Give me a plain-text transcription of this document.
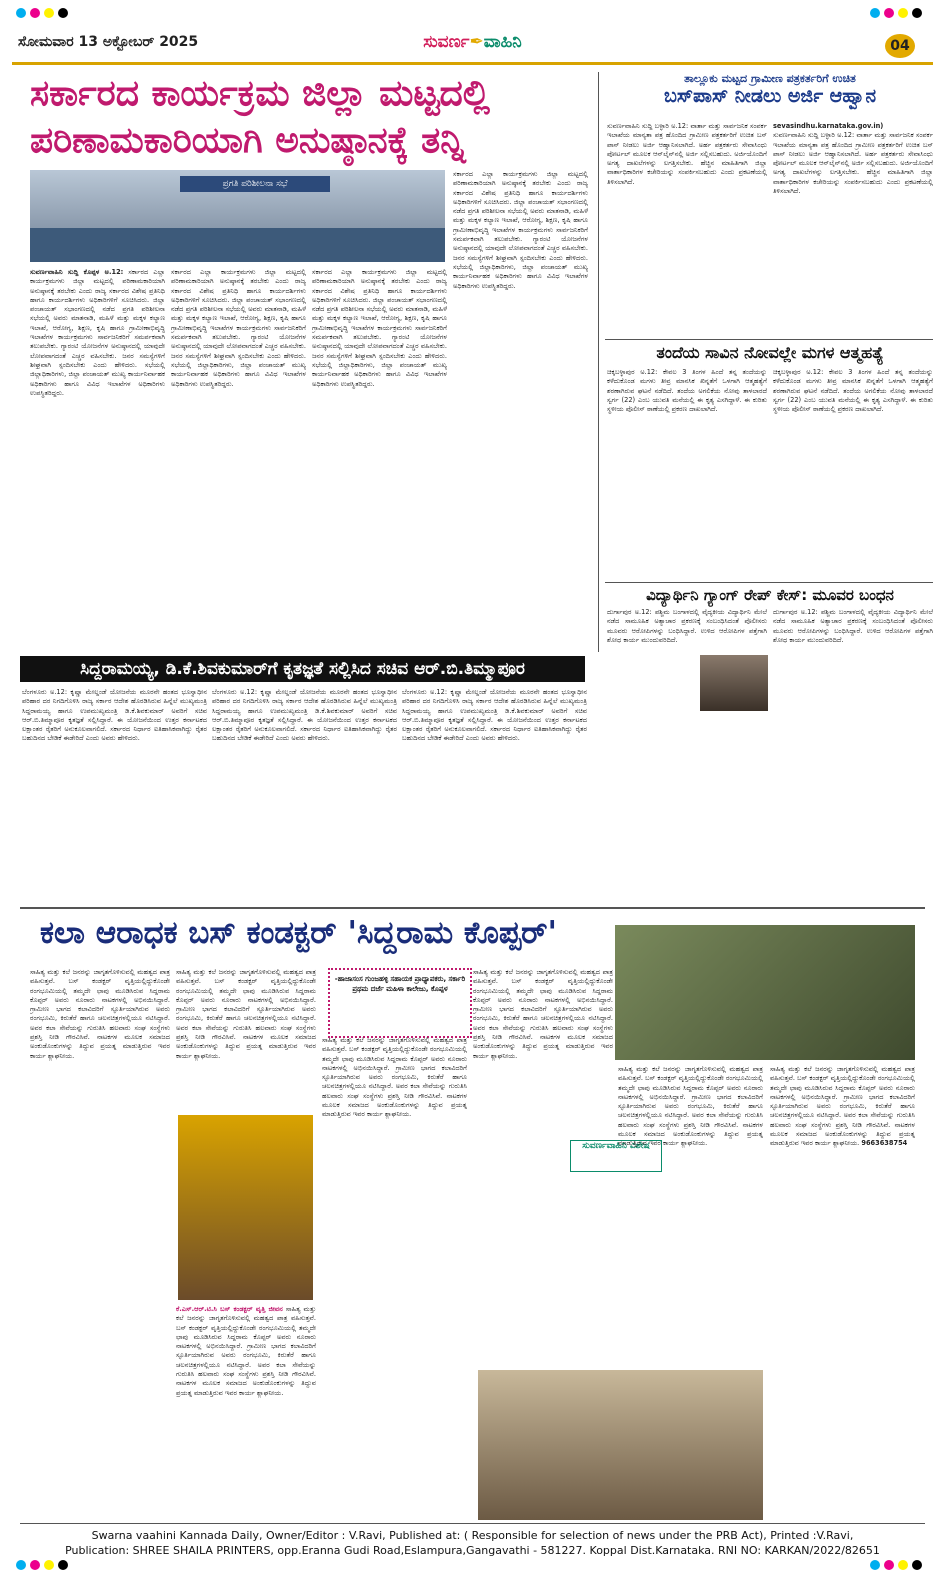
ಸೋಮವಾರ 13 ಅಕ್ಟೋಬರ್ 2025	ಸುವರ್ಣ✒ವಾಹಿನಿ	04
ಸರ್ಕಾರದ ಕಾರ್ಯಕ್ರಮ ಜಿಲ್ಲಾ ಮಟ್ಟದಲ್ಲಿ
ಪರಿಣಾಮಕಾರಿಯಾಗಿ ಅನುಷ್ಠಾನಕ್ಕೆ ತನ್ನಿ
ಪ್ರಗತಿ ಪರಿಶೀಲನಾ ಸಭೆ
ಸುವರ್ಣವಾಹಿನಿ ಸುದ್ದಿ ಕೊಪ್ಪಳ ಅ.12: ಸರ್ಕಾರದ ಎಲ್ಲಾ ಕಾರ್ಯಕ್ರಮಗಳು ಜಿಲ್ಲಾ ಮಟ್ಟದಲ್ಲಿ ಪರಿಣಾಮಕಾರಿಯಾಗಿ ಅನುಷ್ಠಾನಕ್ಕೆ ತರಬೇಕು ಎಂದು ರಾಜ್ಯ ಸರ್ಕಾರದ ವಿಶೇಷ ಪ್ರತಿನಿಧಿ ಹಾಗೂ ಕಾರ್ಯದರ್ಶಿಗಳು ಅಧಿಕಾರಿಗಳಿಗೆ ಸೂಚಿಸಿದರು. ಜಿಲ್ಲಾ ಪಂಚಾಯತ್ ಸಭಾಂಗಣದಲ್ಲಿ ನಡೆದ ಪ್ರಗತಿ ಪರಿಶೀಲನಾ ಸಭೆಯಲ್ಲಿ ಅವರು ಮಾತನಾಡಿ, ಮಹಿಳೆ ಮತ್ತು ಮಕ್ಕಳ ಕಲ್ಯಾಣ ಇಲಾಖೆ, ಆರೋಗ್ಯ, ಶಿಕ್ಷಣ, ಕೃಷಿ ಹಾಗೂ ಗ್ರಾಮೀಣಾಭಿವೃದ್ಧಿ ಇಲಾಖೆಗಳ ಕಾರ್ಯಕ್ರಮಗಳು ಸಾರ್ವಜನಿಕರಿಗೆ ಸಮರ್ಪಕವಾಗಿ ತಲುಪಬೇಕು. ಗ್ಯಾರಂಟಿ ಯೋಜನೆಗಳ ಅನುಷ್ಠಾನದಲ್ಲಿ ಯಾವುದೇ ಲೋಪವಾಗದಂತೆ ಎಚ್ಚರ ವಹಿಸಬೇಕು. ಜನರ ಸಮಸ್ಯೆಗಳಿಗೆ ಶೀಘ್ರವಾಗಿ ಸ್ಪಂದಿಸಬೇಕು ಎಂದು ಹೇಳಿದರು. ಸಭೆಯಲ್ಲಿ ಜಿಲ್ಲಾಧಿಕಾರಿಗಳು, ಜಿಲ್ಲಾ ಪಂಚಾಯತ್ ಮುಖ್ಯ ಕಾರ್ಯನಿರ್ವಾಹಕ ಅಧಿಕಾರಿಗಳು ಹಾಗೂ ವಿವಿಧ ಇಲಾಖೆಗಳ ಅಧಿಕಾರಿಗಳು ಉಪಸ್ಥಿತರಿದ್ದರು.
ಸರ್ಕಾರದ ಎಲ್ಲಾ ಕಾರ್ಯಕ್ರಮಗಳು ಜಿಲ್ಲಾ ಮಟ್ಟದಲ್ಲಿ ಪರಿಣಾಮಕಾರಿಯಾಗಿ ಅನುಷ್ಠಾನಕ್ಕೆ ತರಬೇಕು ಎಂದು ರಾಜ್ಯ ಸರ್ಕಾರದ ವಿಶೇಷ ಪ್ರತಿನಿಧಿ ಹಾಗೂ ಕಾರ್ಯದರ್ಶಿಗಳು ಅಧಿಕಾರಿಗಳಿಗೆ ಸೂಚಿಸಿದರು. ಜಿಲ್ಲಾ ಪಂಚಾಯತ್ ಸಭಾಂಗಣದಲ್ಲಿ ನಡೆದ ಪ್ರಗತಿ ಪರಿಶೀಲನಾ ಸಭೆಯಲ್ಲಿ ಅವರು ಮಾತನಾಡಿ, ಮಹಿಳೆ ಮತ್ತು ಮಕ್ಕಳ ಕಲ್ಯಾಣ ಇಲಾಖೆ, ಆರೋಗ್ಯ, ಶಿಕ್ಷಣ, ಕೃಷಿ ಹಾಗೂ ಗ್ರಾಮೀಣಾಭಿವೃದ್ಧಿ ಇಲಾಖೆಗಳ ಕಾರ್ಯಕ್ರಮಗಳು ಸಾರ್ವಜನಿಕರಿಗೆ ಸಮರ್ಪಕವಾಗಿ ತಲುಪಬೇಕು. ಗ್ಯಾರಂಟಿ ಯೋಜನೆಗಳ ಅನುಷ್ಠಾನದಲ್ಲಿ ಯಾವುದೇ ಲೋಪವಾಗದಂತೆ ಎಚ್ಚರ ವಹಿಸಬೇಕು. ಜನರ ಸಮಸ್ಯೆಗಳಿಗೆ ಶೀಘ್ರವಾಗಿ ಸ್ಪಂದಿಸಬೇಕು ಎಂದು ಹೇಳಿದರು. ಸಭೆಯಲ್ಲಿ ಜಿಲ್ಲಾಧಿಕಾರಿಗಳು, ಜಿಲ್ಲಾ ಪಂಚಾಯತ್ ಮುಖ್ಯ ಕಾರ್ಯನಿರ್ವಾಹಕ ಅಧಿಕಾರಿಗಳು ಹಾಗೂ ವಿವಿಧ ಇಲಾಖೆಗಳ ಅಧಿಕಾರಿಗಳು ಉಪಸ್ಥಿತರಿದ್ದರು.
ಸರ್ಕಾರದ ಎಲ್ಲಾ ಕಾರ್ಯಕ್ರಮಗಳು ಜಿಲ್ಲಾ ಮಟ್ಟದಲ್ಲಿ ಪರಿಣಾಮಕಾರಿಯಾಗಿ ಅನುಷ್ಠಾನಕ್ಕೆ ತರಬೇಕು ಎಂದು ರಾಜ್ಯ ಸರ್ಕಾರದ ವಿಶೇಷ ಪ್ರತಿನಿಧಿ ಹಾಗೂ ಕಾರ್ಯದರ್ಶಿಗಳು ಅಧಿಕಾರಿಗಳಿಗೆ ಸೂಚಿಸಿದರು. ಜಿಲ್ಲಾ ಪಂಚಾಯತ್ ಸಭಾಂಗಣದಲ್ಲಿ ನಡೆದ ಪ್ರಗತಿ ಪರಿಶೀಲನಾ ಸಭೆಯಲ್ಲಿ ಅವರು ಮಾತನಾಡಿ, ಮಹಿಳೆ ಮತ್ತು ಮಕ್ಕಳ ಕಲ್ಯಾಣ ಇಲಾಖೆ, ಆರೋಗ್ಯ, ಶಿಕ್ಷಣ, ಕೃಷಿ ಹಾಗೂ ಗ್ರಾಮೀಣಾಭಿವೃದ್ಧಿ ಇಲಾಖೆಗಳ ಕಾರ್ಯಕ್ರಮಗಳು ಸಾರ್ವಜನಿಕರಿಗೆ ಸಮರ್ಪಕವಾಗಿ ತಲುಪಬೇಕು. ಗ್ಯಾರಂಟಿ ಯೋಜನೆಗಳ ಅನುಷ್ಠಾನದಲ್ಲಿ ಯಾವುದೇ ಲೋಪವಾಗದಂತೆ ಎಚ್ಚರ ವಹಿಸಬೇಕು. ಜನರ ಸಮಸ್ಯೆಗಳಿಗೆ ಶೀಘ್ರವಾಗಿ ಸ್ಪಂದಿಸಬೇಕು ಎಂದು ಹೇಳಿದರು. ಸಭೆಯಲ್ಲಿ ಜಿಲ್ಲಾಧಿಕಾರಿಗಳು, ಜಿಲ್ಲಾ ಪಂಚಾಯತ್ ಮುಖ್ಯ ಕಾರ್ಯನಿರ್ವಾಹಕ ಅಧಿಕಾರಿಗಳು ಹಾಗೂ ವಿವಿಧ ಇಲಾಖೆಗಳ ಅಧಿಕಾರಿಗಳು ಉಪಸ್ಥಿತರಿದ್ದರು.
ಸರ್ಕಾರದ ಎಲ್ಲಾ ಕಾರ್ಯಕ್ರಮಗಳು ಜಿಲ್ಲಾ ಮಟ್ಟದಲ್ಲಿ ಪರಿಣಾಮಕಾರಿಯಾಗಿ ಅನುಷ್ಠಾನಕ್ಕೆ ತರಬೇಕು ಎಂದು ರಾಜ್ಯ ಸರ್ಕಾರದ ವಿಶೇಷ ಪ್ರತಿನಿಧಿ ಹಾಗೂ ಕಾರ್ಯದರ್ಶಿಗಳು ಅಧಿಕಾರಿಗಳಿಗೆ ಸೂಚಿಸಿದರು. ಜಿಲ್ಲಾ ಪಂಚಾಯತ್ ಸಭಾಂಗಣದಲ್ಲಿ ನಡೆದ ಪ್ರಗತಿ ಪರಿಶೀಲನಾ ಸಭೆಯಲ್ಲಿ ಅವರು ಮಾತನಾಡಿ, ಮಹಿಳೆ ಮತ್ತು ಮಕ್ಕಳ ಕಲ್ಯಾಣ ಇಲಾಖೆ, ಆರೋಗ್ಯ, ಶಿಕ್ಷಣ, ಕೃಷಿ ಹಾಗೂ ಗ್ರಾಮೀಣಾಭಿವೃದ್ಧಿ ಇಲಾಖೆಗಳ ಕಾರ್ಯಕ್ರಮಗಳು ಸಾರ್ವಜನಿಕರಿಗೆ ಸಮರ್ಪಕವಾಗಿ ತಲುಪಬೇಕು. ಗ್ಯಾರಂಟಿ ಯೋಜನೆಗಳ ಅನುಷ್ಠಾನದಲ್ಲಿ ಯಾವುದೇ ಲೋಪವಾಗದಂತೆ ಎಚ್ಚರ ವಹಿಸಬೇಕು. ಜನರ ಸಮಸ್ಯೆಗಳಿಗೆ ಶೀಘ್ರವಾಗಿ ಸ್ಪಂದಿಸಬೇಕು ಎಂದು ಹೇಳಿದರು. ಸಭೆಯಲ್ಲಿ ಜಿಲ್ಲಾಧಿಕಾರಿಗಳು, ಜಿಲ್ಲಾ ಪಂಚಾಯತ್ ಮುಖ್ಯ ಕಾರ್ಯನಿರ್ವಾಹಕ ಅಧಿಕಾರಿಗಳು ಹಾಗೂ ವಿವಿಧ ಇಲಾಖೆಗಳ ಅಧಿಕಾರಿಗಳು ಉಪಸ್ಥಿತರಿದ್ದರು.
ತಾಲ್ಲೂಕು ಮಟ್ಟದ ಗ್ರಾಮೀಣ ಪತ್ರಕರ್ತರಿಗೆ ಉಚಿತ
ಬಸ್‌ಪಾಸ್ ನೀಡಲು ಅರ್ಜಿ ಆಹ್ವಾನ
ಸುವರ್ಣವಾಹಿನಿ ಸುದ್ದಿ ಬಳ್ಳಾರಿ ಅ.12: ವಾರ್ತಾ ಮತ್ತು ಸಾರ್ವಜನಿಕ ಸಂಪರ್ಕ ಇಲಾಖೆಯ ಮಾನ್ಯತಾ ಪತ್ರ ಹೊಂದಿದ ಗ್ರಾಮೀಣ ಪತ್ರಕರ್ತರಿಗೆ ಉಚಿತ ಬಸ್ ಪಾಸ್ ನೀಡಲು ಅರ್ಜಿ ಆಹ್ವಾನಿಸಲಾಗಿದೆ. ಅರ್ಹ ಪತ್ರಕರ್ತರು ಸೇವಾಸಿಂಧು ಪೋರ್ಟಲ್ ಮೂಲಕ ಆನ್‌ಲೈನ್‌ನಲ್ಲಿ ಅರ್ಜಿ ಸಲ್ಲಿಸಬಹುದು. ಅರ್ಜಿಯೊಂದಿಗೆ ಅಗತ್ಯ ದಾಖಲೆಗಳನ್ನು ಲಗತ್ತಿಸಬೇಕು. ಹೆಚ್ಚಿನ ಮಾಹಿತಿಗಾಗಿ ಜಿಲ್ಲಾ ವಾರ್ತಾಧಿಕಾರಿಗಳ ಕಚೇರಿಯನ್ನು ಸಂಪರ್ಕಿಸಬಹುದು ಎಂದು ಪ್ರಕಟಣೆಯಲ್ಲಿ ತಿಳಿಸಲಾಗಿದೆ.
sevasindhu.karnataka.gov.in)
ಸುವರ್ಣವಾಹಿನಿ ಸುದ್ದಿ ಬಳ್ಳಾರಿ ಅ.12: ವಾರ್ತಾ ಮತ್ತು ಸಾರ್ವಜನಿಕ ಸಂಪರ್ಕ ಇಲಾಖೆಯ ಮಾನ್ಯತಾ ಪತ್ರ ಹೊಂದಿದ ಗ್ರಾಮೀಣ ಪತ್ರಕರ್ತರಿಗೆ ಉಚಿತ ಬಸ್ ಪಾಸ್ ನೀಡಲು ಅರ್ಜಿ ಆಹ್ವಾನಿಸಲಾಗಿದೆ. ಅರ್ಹ ಪತ್ರಕರ್ತರು ಸೇವಾಸಿಂಧು ಪೋರ್ಟಲ್ ಮೂಲಕ ಆನ್‌ಲೈನ್‌ನಲ್ಲಿ ಅರ್ಜಿ ಸಲ್ಲಿಸಬಹುದು. ಅರ್ಜಿಯೊಂದಿಗೆ ಅಗತ್ಯ ದಾಖಲೆಗಳನ್ನು ಲಗತ್ತಿಸಬೇಕು. ಹೆಚ್ಚಿನ ಮಾಹಿತಿಗಾಗಿ ಜಿಲ್ಲಾ ವಾರ್ತಾಧಿಕಾರಿಗಳ ಕಚೇರಿಯನ್ನು ಸಂಪರ್ಕಿಸಬಹುದು ಎಂದು ಪ್ರಕಟಣೆಯಲ್ಲಿ ತಿಳಿಸಲಾಗಿದೆ.
ತಂದೆಯ ಸಾವಿನ ನೋವಲ್ಲೇ ಮಗಳ ಆತ್ಮಹತ್ಯೆ
ಚಿಕ್ಕಬಳ್ಳಾಪುರ ಅ.12: ಕೇವಲ 3 ತಿಂಗಳ ಹಿಂದೆ ತನ್ನ ತಂದೆಯನ್ನು ಕಳೆದುಕೊಂಡ ಮಗಳು ತೀವ್ರ ಮಾನಸಿಕ ಖಿನ್ನತೆಗೆ ಒಳಗಾಗಿ ಆತ್ಮಹತ್ಯೆಗೆ ಶರಣಾಗಿರುವ ಘಟನೆ ನಡೆದಿದೆ. ತಂದೆಯ ಅಗಲಿಕೆಯ ನೋವು ತಾಳಲಾರದೆ ಸ್ವರ್ಗ (22) ಎಂಬ ಯುವತಿ ಮನೆಯಲ್ಲಿ ಈ ಕೃತ್ಯ ಎಸಗಿದ್ದಾಳೆ. ಈ ಕುರಿತು ಸ್ಥಳೀಯ ಪೊಲೀಸ್ ಠಾಣೆಯಲ್ಲಿ ಪ್ರಕರಣ ದಾಖಲಾಗಿದೆ.
ಚಿಕ್ಕಬಳ್ಳಾಪುರ ಅ.12: ಕೇವಲ 3 ತಿಂಗಳ ಹಿಂದೆ ತನ್ನ ತಂದೆಯನ್ನು ಕಳೆದುಕೊಂಡ ಮಗಳು ತೀವ್ರ ಮಾನಸಿಕ ಖಿನ್ನತೆಗೆ ಒಳಗಾಗಿ ಆತ್ಮಹತ್ಯೆಗೆ ಶರಣಾಗಿರುವ ಘಟನೆ ನಡೆದಿದೆ. ತಂದೆಯ ಅಗಲಿಕೆಯ ನೋವು ತಾಳಲಾರದೆ ಸ್ವರ್ಗ (22) ಎಂಬ ಯುವತಿ ಮನೆಯಲ್ಲಿ ಈ ಕೃತ್ಯ ಎಸಗಿದ್ದಾಳೆ. ಈ ಕುರಿತು ಸ್ಥಳೀಯ ಪೊಲೀಸ್ ಠಾಣೆಯಲ್ಲಿ ಪ್ರಕರಣ ದಾಖಲಾಗಿದೆ.
ವಿದ್ಯಾರ್ಥಿನಿ ಗ್ಯಾಂಗ್ ರೇಪ್ ಕೇಸ್: ಮೂವರ ಬಂಧನ
ದುರ್ಗಾಪುರ ಅ.12: ಪಶ್ಚಿಮ ಬಂಗಾಳದಲ್ಲಿ ವೈದ್ಯಕೀಯ ವಿದ್ಯಾರ್ಥಿನಿ ಮೇಲೆ ನಡೆದ ಸಾಮೂಹಿಕ ಅತ್ಯಾಚಾರ ಪ್ರಕರಣಕ್ಕೆ ಸಂಬಂಧಿಸಿದಂತೆ ಪೊಲೀಸರು ಮೂವರು ಆರೋಪಿಗಳನ್ನು ಬಂಧಿಸಿದ್ದಾರೆ. ಉಳಿದ ಆರೋಪಿಗಳ ಪತ್ತೆಗಾಗಿ ಶೋಧ ಕಾರ್ಯ ಮುಂದುವರಿದಿದೆ.
ದುರ್ಗಾಪುರ ಅ.12: ಪಶ್ಚಿಮ ಬಂಗಾಳದಲ್ಲಿ ವೈದ್ಯಕೀಯ ವಿದ್ಯಾರ್ಥಿನಿ ಮೇಲೆ ನಡೆದ ಸಾಮೂಹಿಕ ಅತ್ಯಾಚಾರ ಪ್ರಕರಣಕ್ಕೆ ಸಂಬಂಧಿಸಿದಂತೆ ಪೊಲೀಸರು ಮೂವರು ಆರೋಪಿಗಳನ್ನು ಬಂಧಿಸಿದ್ದಾರೆ. ಉಳಿದ ಆರೋಪಿಗಳ ಪತ್ತೆಗಾಗಿ ಶೋಧ ಕಾರ್ಯ ಮುಂದುವರಿದಿದೆ.
ಸಿದ್ದರಾಮಯ್ಯ, ಡಿ.ಕೆ.ಶಿವಕುಮಾರ್‌ಗೆ ಕೃತಜ್ಞತೆ ಸಲ್ಲಿಸಿದ ಸಚಿವ ಆರ್.ಬಿ.ತಿಮ್ಮಾಪೂರ
ಬೆಂಗಳೂರು ಅ.12: ಕೃಷ್ಣಾ ಮೇಲ್ದಂಡೆ ಯೋಜನೆಯ ಮೂರನೇ ಹಂತದ ಭೂಸ್ವಾಧೀನ ಪರಿಹಾರ ದರ ನಿಗದಿಗೊಳಿಸಿ ರಾಜ್ಯ ಸರ್ಕಾರ ಆದೇಶ ಹೊರಡಿಸಿರುವ ಹಿನ್ನೆಲೆ ಮುಖ್ಯಮಂತ್ರಿ ಸಿದ್ದರಾಮಯ್ಯ ಹಾಗೂ ಉಪಮುಖ್ಯಮಂತ್ರಿ ಡಿ.ಕೆ.ಶಿವಕುಮಾರ್ ಅವರಿಗೆ ಸಚಿವ ಆರ್.ಬಿ.ತಿಮ್ಮಾಪೂರ ಕೃತಜ್ಞತೆ ಸಲ್ಲಿಸಿದ್ದಾರೆ. ಈ ಯೋಜನೆಯಿಂದ ಉತ್ತರ ಕರ್ನಾಟಕದ ಲಕ್ಷಾಂತರ ರೈತರಿಗೆ ಅನುಕೂಲವಾಗಲಿದೆ. ಸರ್ಕಾರದ ನಿರ್ಧಾರ ಐತಿಹಾಸಿಕವಾಗಿದ್ದು ರೈತರ ಬಹುದಿನದ ಬೇಡಿಕೆ ಈಡೇರಿದೆ ಎಂದು ಅವರು ಹೇಳಿದರು.
ಬೆಂಗಳೂರು ಅ.12: ಕೃಷ್ಣಾ ಮೇಲ್ದಂಡೆ ಯೋಜನೆಯ ಮೂರನೇ ಹಂತದ ಭೂಸ್ವಾಧೀನ ಪರಿಹಾರ ದರ ನಿಗದಿಗೊಳಿಸಿ ರಾಜ್ಯ ಸರ್ಕಾರ ಆದೇಶ ಹೊರಡಿಸಿರುವ ಹಿನ್ನೆಲೆ ಮುಖ್ಯಮಂತ್ರಿ ಸಿದ್ದರಾಮಯ್ಯ ಹಾಗೂ ಉಪಮುಖ್ಯಮಂತ್ರಿ ಡಿ.ಕೆ.ಶಿವಕುಮಾರ್ ಅವರಿಗೆ ಸಚಿವ ಆರ್.ಬಿ.ತಿಮ್ಮಾಪೂರ ಕೃತಜ್ಞತೆ ಸಲ್ಲಿಸಿದ್ದಾರೆ. ಈ ಯೋಜನೆಯಿಂದ ಉತ್ತರ ಕರ್ನಾಟಕದ ಲಕ್ಷಾಂತರ ರೈತರಿಗೆ ಅನುಕೂಲವಾಗಲಿದೆ. ಸರ್ಕಾರದ ನಿರ್ಧಾರ ಐತಿಹಾಸಿಕವಾಗಿದ್ದು ರೈತರ ಬಹುದಿನದ ಬೇಡಿಕೆ ಈಡೇರಿದೆ ಎಂದು ಅವರು ಹೇಳಿದರು.
ಬೆಂಗಳೂರು ಅ.12: ಕೃಷ್ಣಾ ಮೇಲ್ದಂಡೆ ಯೋಜನೆಯ ಮೂರನೇ ಹಂತದ ಭೂಸ್ವಾಧೀನ ಪರಿಹಾರ ದರ ನಿಗದಿಗೊಳಿಸಿ ರಾಜ್ಯ ಸರ್ಕಾರ ಆದೇಶ ಹೊರಡಿಸಿರುವ ಹಿನ್ನೆಲೆ ಮುಖ್ಯಮಂತ್ರಿ ಸಿದ್ದರಾಮಯ್ಯ ಹಾಗೂ ಉಪಮುಖ್ಯಮಂತ್ರಿ ಡಿ.ಕೆ.ಶಿವಕುಮಾರ್ ಅವರಿಗೆ ಸಚಿವ ಆರ್.ಬಿ.ತಿಮ್ಮಾಪೂರ ಕೃತಜ್ಞತೆ ಸಲ್ಲಿಸಿದ್ದಾರೆ. ಈ ಯೋಜನೆಯಿಂದ ಉತ್ತರ ಕರ್ನಾಟಕದ ಲಕ್ಷಾಂತರ ರೈತರಿಗೆ ಅನುಕೂಲವಾಗಲಿದೆ. ಸರ್ಕಾರದ ನಿರ್ಧಾರ ಐತಿಹಾಸಿಕವಾಗಿದ್ದು ರೈತರ ಬಹುದಿನದ ಬೇಡಿಕೆ ಈಡೇರಿದೆ ಎಂದು ಅವರು ಹೇಳಿದರು.
ಕಲಾ ಆರಾಧಕ ಬಸ್ ಕಂಡಕ್ಟರ್ 'ಸಿದ್ದರಾಮ ಕೊಪ್ಪರ್'
ಸಾಹಿತ್ಯ ಮತ್ತು ಕಲೆ ಜನರನ್ನು ಜಾಗೃತಗೊಳಿಸುವಲ್ಲಿ ಮಹತ್ವದ ಪಾತ್ರ ವಹಿಸುತ್ತವೆ. ಬಸ್ ಕಂಡಕ್ಟರ್ ವೃತ್ತಿಯಲ್ಲಿದ್ದುಕೊಂಡೇ ರಂಗಭೂಮಿಯಲ್ಲಿ ತಮ್ಮದೇ ಛಾಪು ಮೂಡಿಸಿರುವ ಸಿದ್ದರಾಮ ಕೊಪ್ಪರ್ ಅವರು ನೂರಾರು ನಾಟಕಗಳಲ್ಲಿ ಅಭಿನಯಿಸಿದ್ದಾರೆ. ಗ್ರಾಮೀಣ ಭಾಗದ ಕಲಾವಿದರಿಗೆ ಸ್ಫೂರ್ತಿಯಾಗಿರುವ ಅವರು ರಂಗಭೂಮಿ, ಕಿರುತೆರೆ ಹಾಗೂ ಚಲನಚಿತ್ರಗಳಲ್ಲಿಯೂ ನಟಿಸಿದ್ದಾರೆ. ಅವರ ಕಲಾ ಸೇವೆಯನ್ನು ಗುರುತಿಸಿ ಹಲವಾರು ಸಂಘ ಸಂಸ್ಥೆಗಳು ಪ್ರಶಸ್ತಿ ನೀಡಿ ಗೌರವಿಸಿವೆ. ನಾಟಕಗಳ ಮೂಲಕ ಸಮಾಜದ ಅಂಕುಡೊಂಕುಗಳನ್ನು ತಿದ್ದುವ ಪ್ರಯತ್ನ ಮಾಡುತ್ತಿರುವ ಇವರ ಕಾರ್ಯ ಶ್ಲಾಘನೀಯ.
ಸಾಹಿತ್ಯ ಮತ್ತು ಕಲೆ ಜನರನ್ನು ಜಾಗೃತಗೊಳಿಸುವಲ್ಲಿ ಮಹತ್ವದ ಪಾತ್ರ ವಹಿಸುತ್ತವೆ. ಬಸ್ ಕಂಡಕ್ಟರ್ ವೃತ್ತಿಯಲ್ಲಿದ್ದುಕೊಂಡೇ ರಂಗಭೂಮಿಯಲ್ಲಿ ತಮ್ಮದೇ ಛಾಪು ಮೂಡಿಸಿರುವ ಸಿದ್ದರಾಮ ಕೊಪ್ಪರ್ ಅವರು ನೂರಾರು ನಾಟಕಗಳಲ್ಲಿ ಅಭಿನಯಿಸಿದ್ದಾರೆ. ಗ್ರಾಮೀಣ ಭಾಗದ ಕಲಾವಿದರಿಗೆ ಸ್ಫೂರ್ತಿಯಾಗಿರುವ ಅವರು ರಂಗಭೂಮಿ, ಕಿರುತೆರೆ ಹಾಗೂ ಚಲನಚಿತ್ರಗಳಲ್ಲಿಯೂ ನಟಿಸಿದ್ದಾರೆ. ಅವರ ಕಲಾ ಸೇವೆಯನ್ನು ಗುರುತಿಸಿ ಹಲವಾರು ಸಂಘ ಸಂಸ್ಥೆಗಳು ಪ್ರಶಸ್ತಿ ನೀಡಿ ಗೌರವಿಸಿವೆ. ನಾಟಕಗಳ ಮೂಲಕ ಸಮಾಜದ ಅಂಕುಡೊಂಕುಗಳನ್ನು ತಿದ್ದುವ ಪ್ರಯತ್ನ ಮಾಡುತ್ತಿರುವ ಇವರ ಕಾರ್ಯ ಶ್ಲಾಘನೀಯ.
ಕೆ.ಎಸ್.ಆರ್.ಟಿ.ಸಿ ಬಸ್ ಕಂಡಕ್ಟರ್ ವೃತ್ತಿ ಜೀವನ ಸಾಹಿತ್ಯ ಮತ್ತು ಕಲೆ ಜನರನ್ನು ಜಾಗೃತಗೊಳಿಸುವಲ್ಲಿ ಮಹತ್ವದ ಪಾತ್ರ ವಹಿಸುತ್ತವೆ. ಬಸ್ ಕಂಡಕ್ಟರ್ ವೃತ್ತಿಯಲ್ಲಿದ್ದುಕೊಂಡೇ ರಂಗಭೂಮಿಯಲ್ಲಿ ತಮ್ಮದೇ ಛಾಪು ಮೂಡಿಸಿರುವ ಸಿದ್ದರಾಮ ಕೊಪ್ಪರ್ ಅವರು ನೂರಾರು ನಾಟಕಗಳಲ್ಲಿ ಅಭಿನಯಿಸಿದ್ದಾರೆ. ಗ್ರಾಮೀಣ ಭಾಗದ ಕಲಾವಿದರಿಗೆ ಸ್ಫೂರ್ತಿಯಾಗಿರುವ ಅವರು ರಂಗಭೂಮಿ, ಕಿರುತೆರೆ ಹಾಗೂ ಚಲನಚಿತ್ರಗಳಲ್ಲಿಯೂ ನಟಿಸಿದ್ದಾರೆ. ಅವರ ಕಲಾ ಸೇವೆಯನ್ನು ಗುರುತಿಸಿ ಹಲವಾರು ಸಂಘ ಸಂಸ್ಥೆಗಳು ಪ್ರಶಸ್ತಿ ನೀಡಿ ಗೌರವಿಸಿವೆ. ನಾಟಕಗಳ ಮೂಲಕ ಸಮಾಜದ ಅಂಕುಡೊಂಕುಗಳನ್ನು ತಿದ್ದುವ ಪ್ರಯತ್ನ ಮಾಡುತ್ತಿರುವ ಇವರ ಕಾರ್ಯ ಶ್ಲಾಘನೀಯ.
-ಹಾಜಾಸಂಸ ಗುಂಜಹಳ್ಳಿ ಸಹಾಯಕ ಪ್ರಾಧ್ಯಾಪಕರು, ಸರ್ಕಾರಿ ಪ್ರಥಮ ದರ್ಜೆ ಮಹಿಳಾ ಕಾಲೇಜು, ಕೊಪ್ಪಳ
ಸಾಹಿತ್ಯ ಮತ್ತು ಕಲೆ ಜನರನ್ನು ಜಾಗೃತಗೊಳಿಸುವಲ್ಲಿ ಮಹತ್ವದ ಪಾತ್ರ ವಹಿಸುತ್ತವೆ. ಬಸ್ ಕಂಡಕ್ಟರ್ ವೃತ್ತಿಯಲ್ಲಿದ್ದುಕೊಂಡೇ ರಂಗಭೂಮಿಯಲ್ಲಿ ತಮ್ಮದೇ ಛಾಪು ಮೂಡಿಸಿರುವ ಸಿದ್ದರಾಮ ಕೊಪ್ಪರ್ ಅವರು ನೂರಾರು ನಾಟಕಗಳಲ್ಲಿ ಅಭಿನಯಿಸಿದ್ದಾರೆ. ಗ್ರಾಮೀಣ ಭಾಗದ ಕಲಾವಿದರಿಗೆ ಸ್ಫೂರ್ತಿಯಾಗಿರುವ ಅವರು ರಂಗಭೂಮಿ, ಕಿರುತೆರೆ ಹಾಗೂ ಚಲನಚಿತ್ರಗಳಲ್ಲಿಯೂ ನಟಿಸಿದ್ದಾರೆ. ಅವರ ಕಲಾ ಸೇವೆಯನ್ನು ಗುರುತಿಸಿ ಹಲವಾರು ಸಂಘ ಸಂಸ್ಥೆಗಳು ಪ್ರಶಸ್ತಿ ನೀಡಿ ಗೌರವಿಸಿವೆ. ನಾಟಕಗಳ ಮೂಲಕ ಸಮಾಜದ ಅಂಕುಡೊಂಕುಗಳನ್ನು ತಿದ್ದುವ ಪ್ರಯತ್ನ ಮಾಡುತ್ತಿರುವ ಇವರ ಕಾರ್ಯ ಶ್ಲಾಘನೀಯ.
ಸಾಹಿತ್ಯ ಮತ್ತು ಕಲೆ ಜನರನ್ನು ಜಾಗೃತಗೊಳಿಸುವಲ್ಲಿ ಮಹತ್ವದ ಪಾತ್ರ ವಹಿಸುತ್ತವೆ. ಬಸ್ ಕಂಡಕ್ಟರ್ ವೃತ್ತಿಯಲ್ಲಿದ್ದುಕೊಂಡೇ ರಂಗಭೂಮಿಯಲ್ಲಿ ತಮ್ಮದೇ ಛಾಪು ಮೂಡಿಸಿರುವ ಸಿದ್ದರಾಮ ಕೊಪ್ಪರ್ ಅವರು ನೂರಾರು ನಾಟಕಗಳಲ್ಲಿ ಅಭಿನಯಿಸಿದ್ದಾರೆ. ಗ್ರಾಮೀಣ ಭಾಗದ ಕಲಾವಿದರಿಗೆ ಸ್ಫೂರ್ತಿಯಾಗಿರುವ ಅವರು ರಂಗಭೂಮಿ, ಕಿರುತೆರೆ ಹಾಗೂ ಚಲನಚಿತ್ರಗಳಲ್ಲಿಯೂ ನಟಿಸಿದ್ದಾರೆ. ಅವರ ಕಲಾ ಸೇವೆಯನ್ನು ಗುರುತಿಸಿ ಹಲವಾರು ಸಂಘ ಸಂಸ್ಥೆಗಳು ಪ್ರಶಸ್ತಿ ನೀಡಿ ಗೌರವಿಸಿವೆ. ನಾಟಕಗಳ ಮೂಲಕ ಸಮಾಜದ ಅಂಕುಡೊಂಕುಗಳನ್ನು ತಿದ್ದುವ ಪ್ರಯತ್ನ ಮಾಡುತ್ತಿರುವ ಇವರ ಕಾರ್ಯ ಶ್ಲಾಘನೀಯ.
ಸುವರ್ಣವಾಹಿನಿ ವಿಶೇಷ
ಸಾಹಿತ್ಯ ಮತ್ತು ಕಲೆ ಜನರನ್ನು ಜಾಗೃತಗೊಳಿಸುವಲ್ಲಿ ಮಹತ್ವದ ಪಾತ್ರ ವಹಿಸುತ್ತವೆ. ಬಸ್ ಕಂಡಕ್ಟರ್ ವೃತ್ತಿಯಲ್ಲಿದ್ದುಕೊಂಡೇ ರಂಗಭೂಮಿಯಲ್ಲಿ ತಮ್ಮದೇ ಛಾಪು ಮೂಡಿಸಿರುವ ಸಿದ್ದರಾಮ ಕೊಪ್ಪರ್ ಅವರು ನೂರಾರು ನಾಟಕಗಳಲ್ಲಿ ಅಭಿನಯಿಸಿದ್ದಾರೆ. ಗ್ರಾಮೀಣ ಭಾಗದ ಕಲಾವಿದರಿಗೆ ಸ್ಫೂರ್ತಿಯಾಗಿರುವ ಅವರು ರಂಗಭೂಮಿ, ಕಿರುತೆರೆ ಹಾಗೂ ಚಲನಚಿತ್ರಗಳಲ್ಲಿಯೂ ನಟಿಸಿದ್ದಾರೆ. ಅವರ ಕಲಾ ಸೇವೆಯನ್ನು ಗುರುತಿಸಿ ಹಲವಾರು ಸಂಘ ಸಂಸ್ಥೆಗಳು ಪ್ರಶಸ್ತಿ ನೀಡಿ ಗೌರವಿಸಿವೆ. ನಾಟಕಗಳ ಮೂಲಕ ಸಮಾಜದ ಅಂಕುಡೊಂಕುಗಳನ್ನು ತಿದ್ದುವ ಪ್ರಯತ್ನ ಮಾಡುತ್ತಿರುವ ಇವರ ಕಾರ್ಯ ಶ್ಲಾಘನೀಯ.
ಸಾಹಿತ್ಯ ಮತ್ತು ಕಲೆ ಜನರನ್ನು ಜಾಗೃತಗೊಳಿಸುವಲ್ಲಿ ಮಹತ್ವದ ಪಾತ್ರ ವಹಿಸುತ್ತವೆ. ಬಸ್ ಕಂಡಕ್ಟರ್ ವೃತ್ತಿಯಲ್ಲಿದ್ದುಕೊಂಡೇ ರಂಗಭೂಮಿಯಲ್ಲಿ ತಮ್ಮದೇ ಛಾಪು ಮೂಡಿಸಿರುವ ಸಿದ್ದರಾಮ ಕೊಪ್ಪರ್ ಅವರು ನೂರಾರು ನಾಟಕಗಳಲ್ಲಿ ಅಭಿನಯಿಸಿದ್ದಾರೆ. ಗ್ರಾಮೀಣ ಭಾಗದ ಕಲಾವಿದರಿಗೆ ಸ್ಫೂರ್ತಿಯಾಗಿರುವ ಅವರು ರಂಗಭೂಮಿ, ಕಿರುತೆರೆ ಹಾಗೂ ಚಲನಚಿತ್ರಗಳಲ್ಲಿಯೂ ನಟಿಸಿದ್ದಾರೆ. ಅವರ ಕಲಾ ಸೇವೆಯನ್ನು ಗುರುತಿಸಿ ಹಲವಾರು ಸಂಘ ಸಂಸ್ಥೆಗಳು ಪ್ರಶಸ್ತಿ ನೀಡಿ ಗೌರವಿಸಿವೆ. ನಾಟಕಗಳ ಮೂಲಕ ಸಮಾಜದ ಅಂಕುಡೊಂಕುಗಳನ್ನು ತಿದ್ದುವ ಪ್ರಯತ್ನ ಮಾಡುತ್ತಿರುವ ಇವರ ಕಾರ್ಯ ಶ್ಲಾಘನೀಯ. 9663638754
Swarna vaahini Kannada Daily, Owner/Editor : V.Ravi, Published at: ( Responsible for selection of news under the PRB Act), Printed :V.Ravi,
Publication: SHREE SHAILA PRINTERS, opp.Eranna Gudi Road,Eslampura,Gangavathi - 581227. Koppal Dist.Karnataka. RNI NO: KARKAN/2022/82651
